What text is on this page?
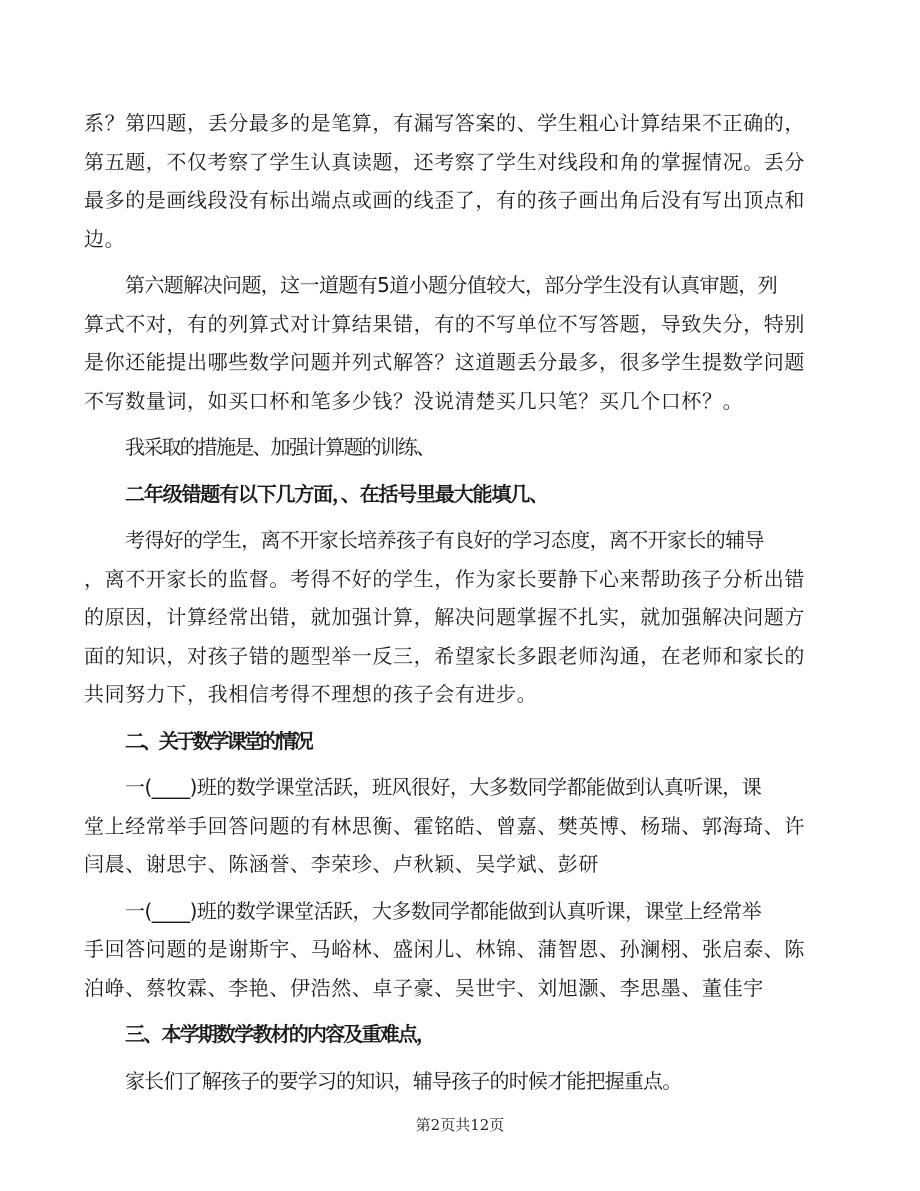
系？第四题，丢分最多的是笔算，有漏写答案的、学生粗心计算结果不正确的，
第五题，不仅考察了学生认真读题，还考察了学生对线段和角的掌握情况。丢分
最多的是画线段没有标出端点或画的线歪了，有的孩子画出角后没有写出顶点和
边。
第六题解决问题，这一道题有5道小题分值较大，部分学生没有认真审题，列
算式不对，有的列算式对计算结果错，有的不写单位不写答题，导致失分，特别
是你还能提出哪些数学问题并列式解答？这道题丢分最多，很多学生提数学问题
不写数量词，如买口杯和笔多少钱？没说清楚买几只笔？买几个口杯？。
我采取的措施是、加强计算题的训练、
二年级错题有以下几方面，、在括号里最大能填几、
考得好的学生，离不开家长培养孩子有良好的学习态度，离不开家长的辅导
，离不开家长的监督。考得不好的学生，作为家长要静下心来帮助孩子分析出错
的原因，计算经常出错，就加强计算，解决问题掌握不扎实，就加强解决问题方
面的知识，对孩子错的题型举一反三，希望家长多跟老师沟通，在老师和家长的
共同努力下，我相信考得不理想的孩子会有进步。
二、关于数学课堂的情况
一(____)班的数学课堂活跃，班风很好，大多数同学都能做到认真听课，课
堂上经常举手回答问题的有林思衡、霍铭皓、曾嘉、樊英博、杨瑞、郭海琦、许
闫晨、谢思宇、陈涵誉、李荣珍、卢秋颖、吴学斌、彭研
一(____)班的数学课堂活跃，大多数同学都能做到认真听课，课堂上经常举
手回答问题的是谢斯宇、马峪林、盛闲儿、林锦、蒲智恩、孙澜栩、张启泰、陈
泊峥、蔡牧霖、李艳、伊浩然、卓子豪、吴世宇、刘旭灏、李思墨、董佳宇
三、本学期数学教材的内容及重难点，
家长们了解孩子的要学习的知识，辅导孩子的时候才能把握重点。
第2页共12页
